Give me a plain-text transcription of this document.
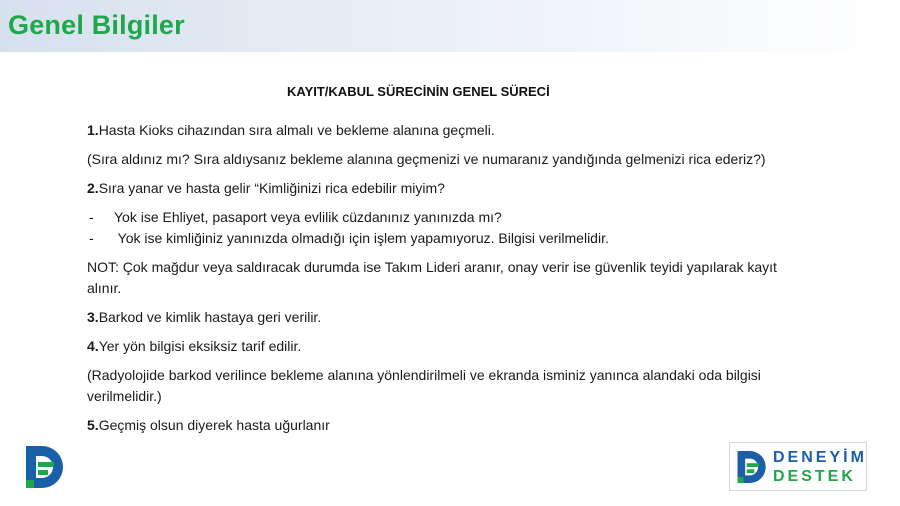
Genel Bilgiler
KAYIT/KABUL SÜRECİNİN GENEL SÜRECİ

1.Hasta Kioks cihazından sıra almalı ve bekleme alanına geçmeli.

(Sıra aldınız mı? Sıra aldıysanız bekleme alanına geçmenizi ve numaranız yandığında gelmenizi rica ederiz?)

2.Sıra yanar ve hasta gelir “Kimliğinizi rica edebilir miyim?

- Yok ise Ehliyet, pasaport veya evlilik cüzdanınız yanınızda mı?
- Yok ise kimliğiniz yanınızda olmadığı için işlem yapamıyoruz. Bilgisi verilmelidir.

NOT: Çok mağdur veya saldıracak durumda ise Takım Lideri aranır, onay verir ise güvenlik teyidi yapılarak kayıt alınır.

3.Barkod ve kimlik hastaya geri verilir.

4.Yer yön bilgisi eksiksiz tarif edilir.

(Radyolojide barkod verilince bekleme alanına yönlendirilmeli ve ekranda isminiz yanınca alandaki oda bilgisi verilmelidir.)

5.Geçmiş olsun diyerek hasta uğurlanır

DENEYİM
DESTEK
